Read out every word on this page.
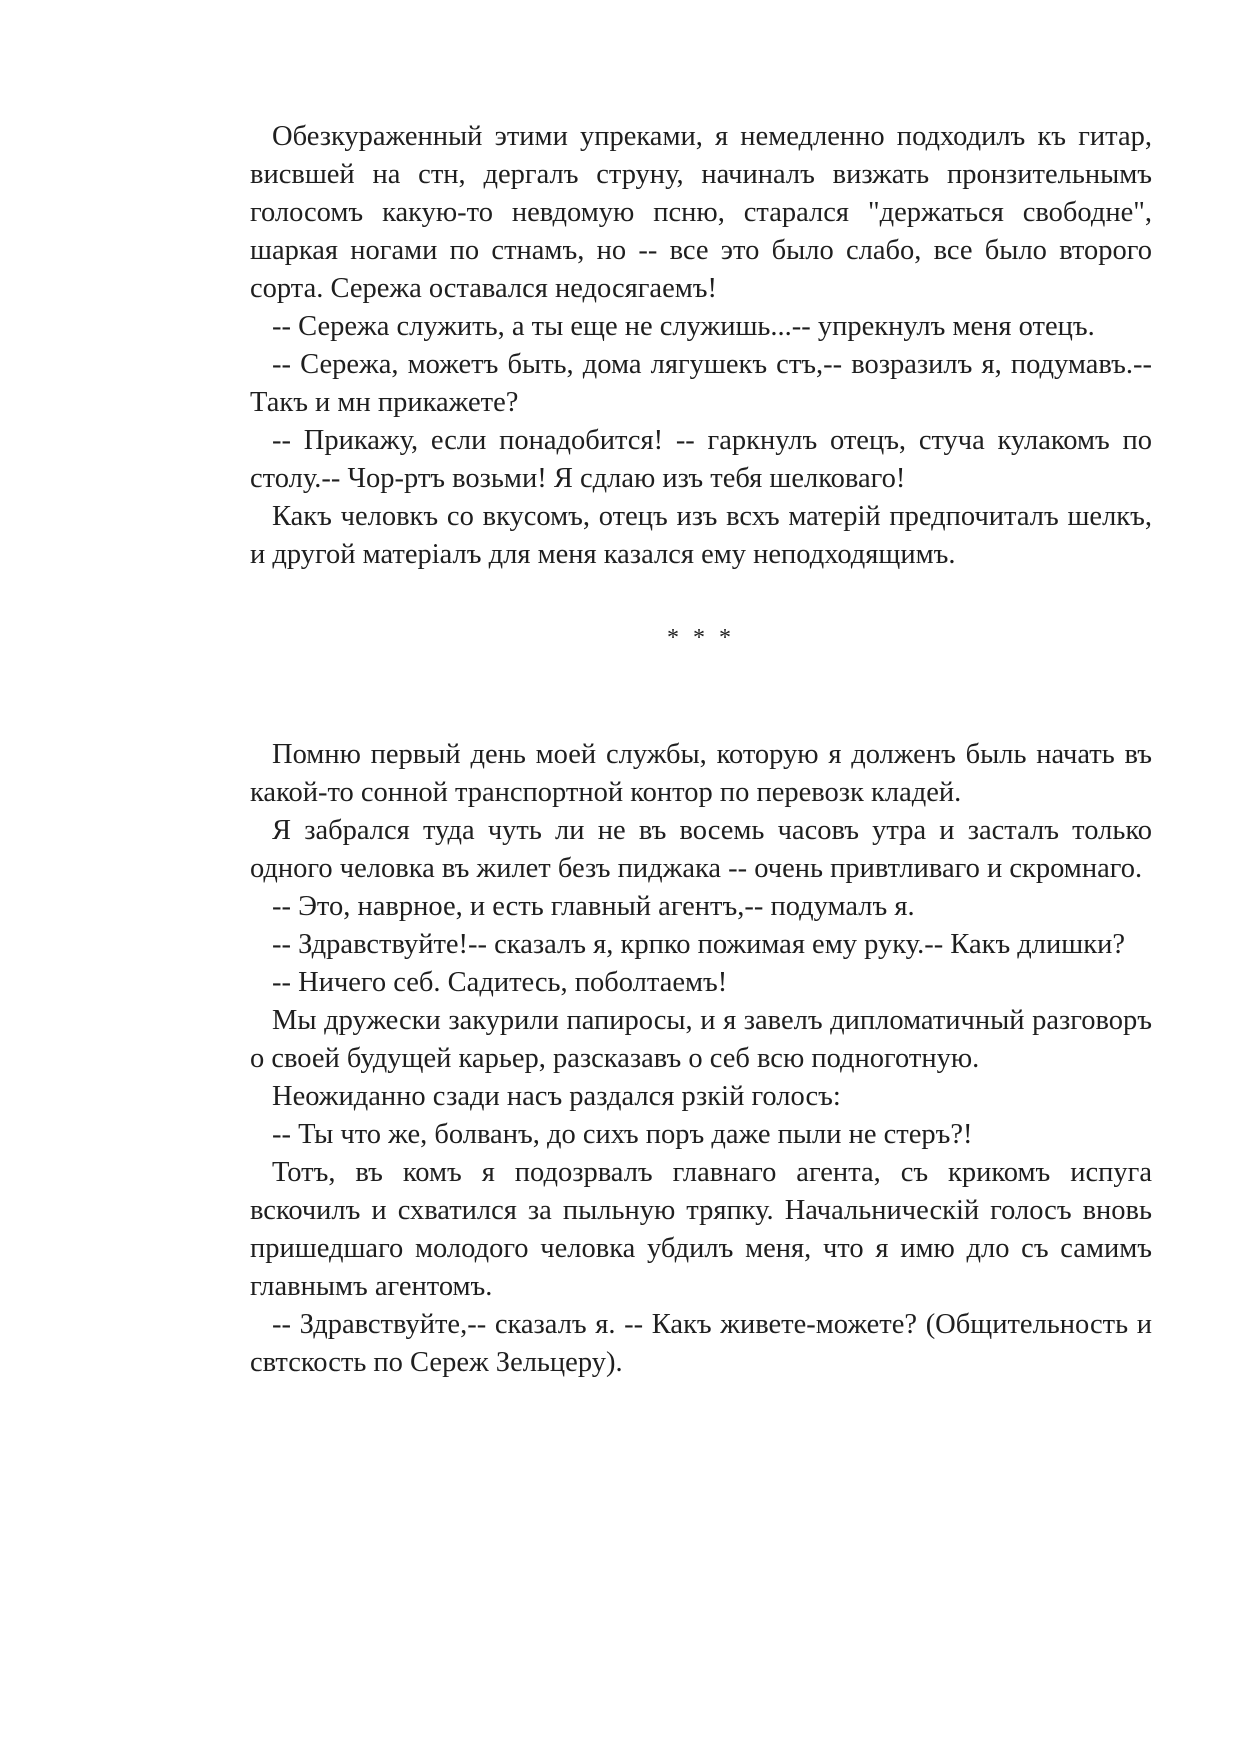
Обезкураженный этими упреками, я немедленно подходилъ къ гитар, висвшей на стн, дергалъ струну, начиналъ визжать пронзительнымъ голосомъ какую-то невдомую псню, старался "держаться свободне", шаркая ногами по стнамъ, но -- все это было слабо, все было второго сорта. Сережа оставался недосягаемъ!

-- Сережа служить, а ты еще не служишь...-- упрекнулъ меня отецъ.

-- Сережа, можетъ быть, дома лягушекъ стъ,-- возразилъ я, подумавъ.-- Такъ и мн прикажете?

-- Прикажу, если понадобится! -- гаркнулъ отецъ, стуча кулакомъ по столу.-- Чор-ртъ возьми! Я сдлаю изъ тебя шелковаго!

Какъ человкъ со вкусомъ, отецъ изъ всхъ матерій предпочиталъ шелкъ, и другой матеріалъ для меня казался ему неподходящимъ.

* * *

Помню первый день моей службы, которую я долженъ быль начать въ какой-то сонной транспортной контор по перевозк кладей.

Я забрался туда чуть ли не въ восемь часовъ утра и засталъ только одного человка въ жилет безъ пиджака -- очень привтливаго и скромнаго.

-- Это, наврное, и есть главный агентъ,-- подумалъ я.

-- Здравствуйте!-- сказалъ я, крпко пожимая ему руку.-- Какъ длишки?

-- Ничего себ. Садитесь, поболтаемъ!

Мы дружески закурили папиросы, и я завелъ дипломатичный разговоръ о своей будущей карьер, разсказавъ о себ всю подноготную.

Неожиданно сзади насъ раздался рзкій голосъ:

-- Ты что же, болванъ, до сихъ поръ даже пыли не стеръ?!

Тотъ, въ комъ я подозрвалъ главнаго агента, съ крикомъ испуга вскочилъ и схватился за пыльную тряпку. Начальническій голосъ вновь пришедшаго молодого человка убдилъ меня, что я имю дло съ самимъ главнымъ агентомъ.

-- Здравствуйте,-- сказалъ я. -- Какъ живете-можете? (Общительность и свтскость по Сереж Зельцеру).
